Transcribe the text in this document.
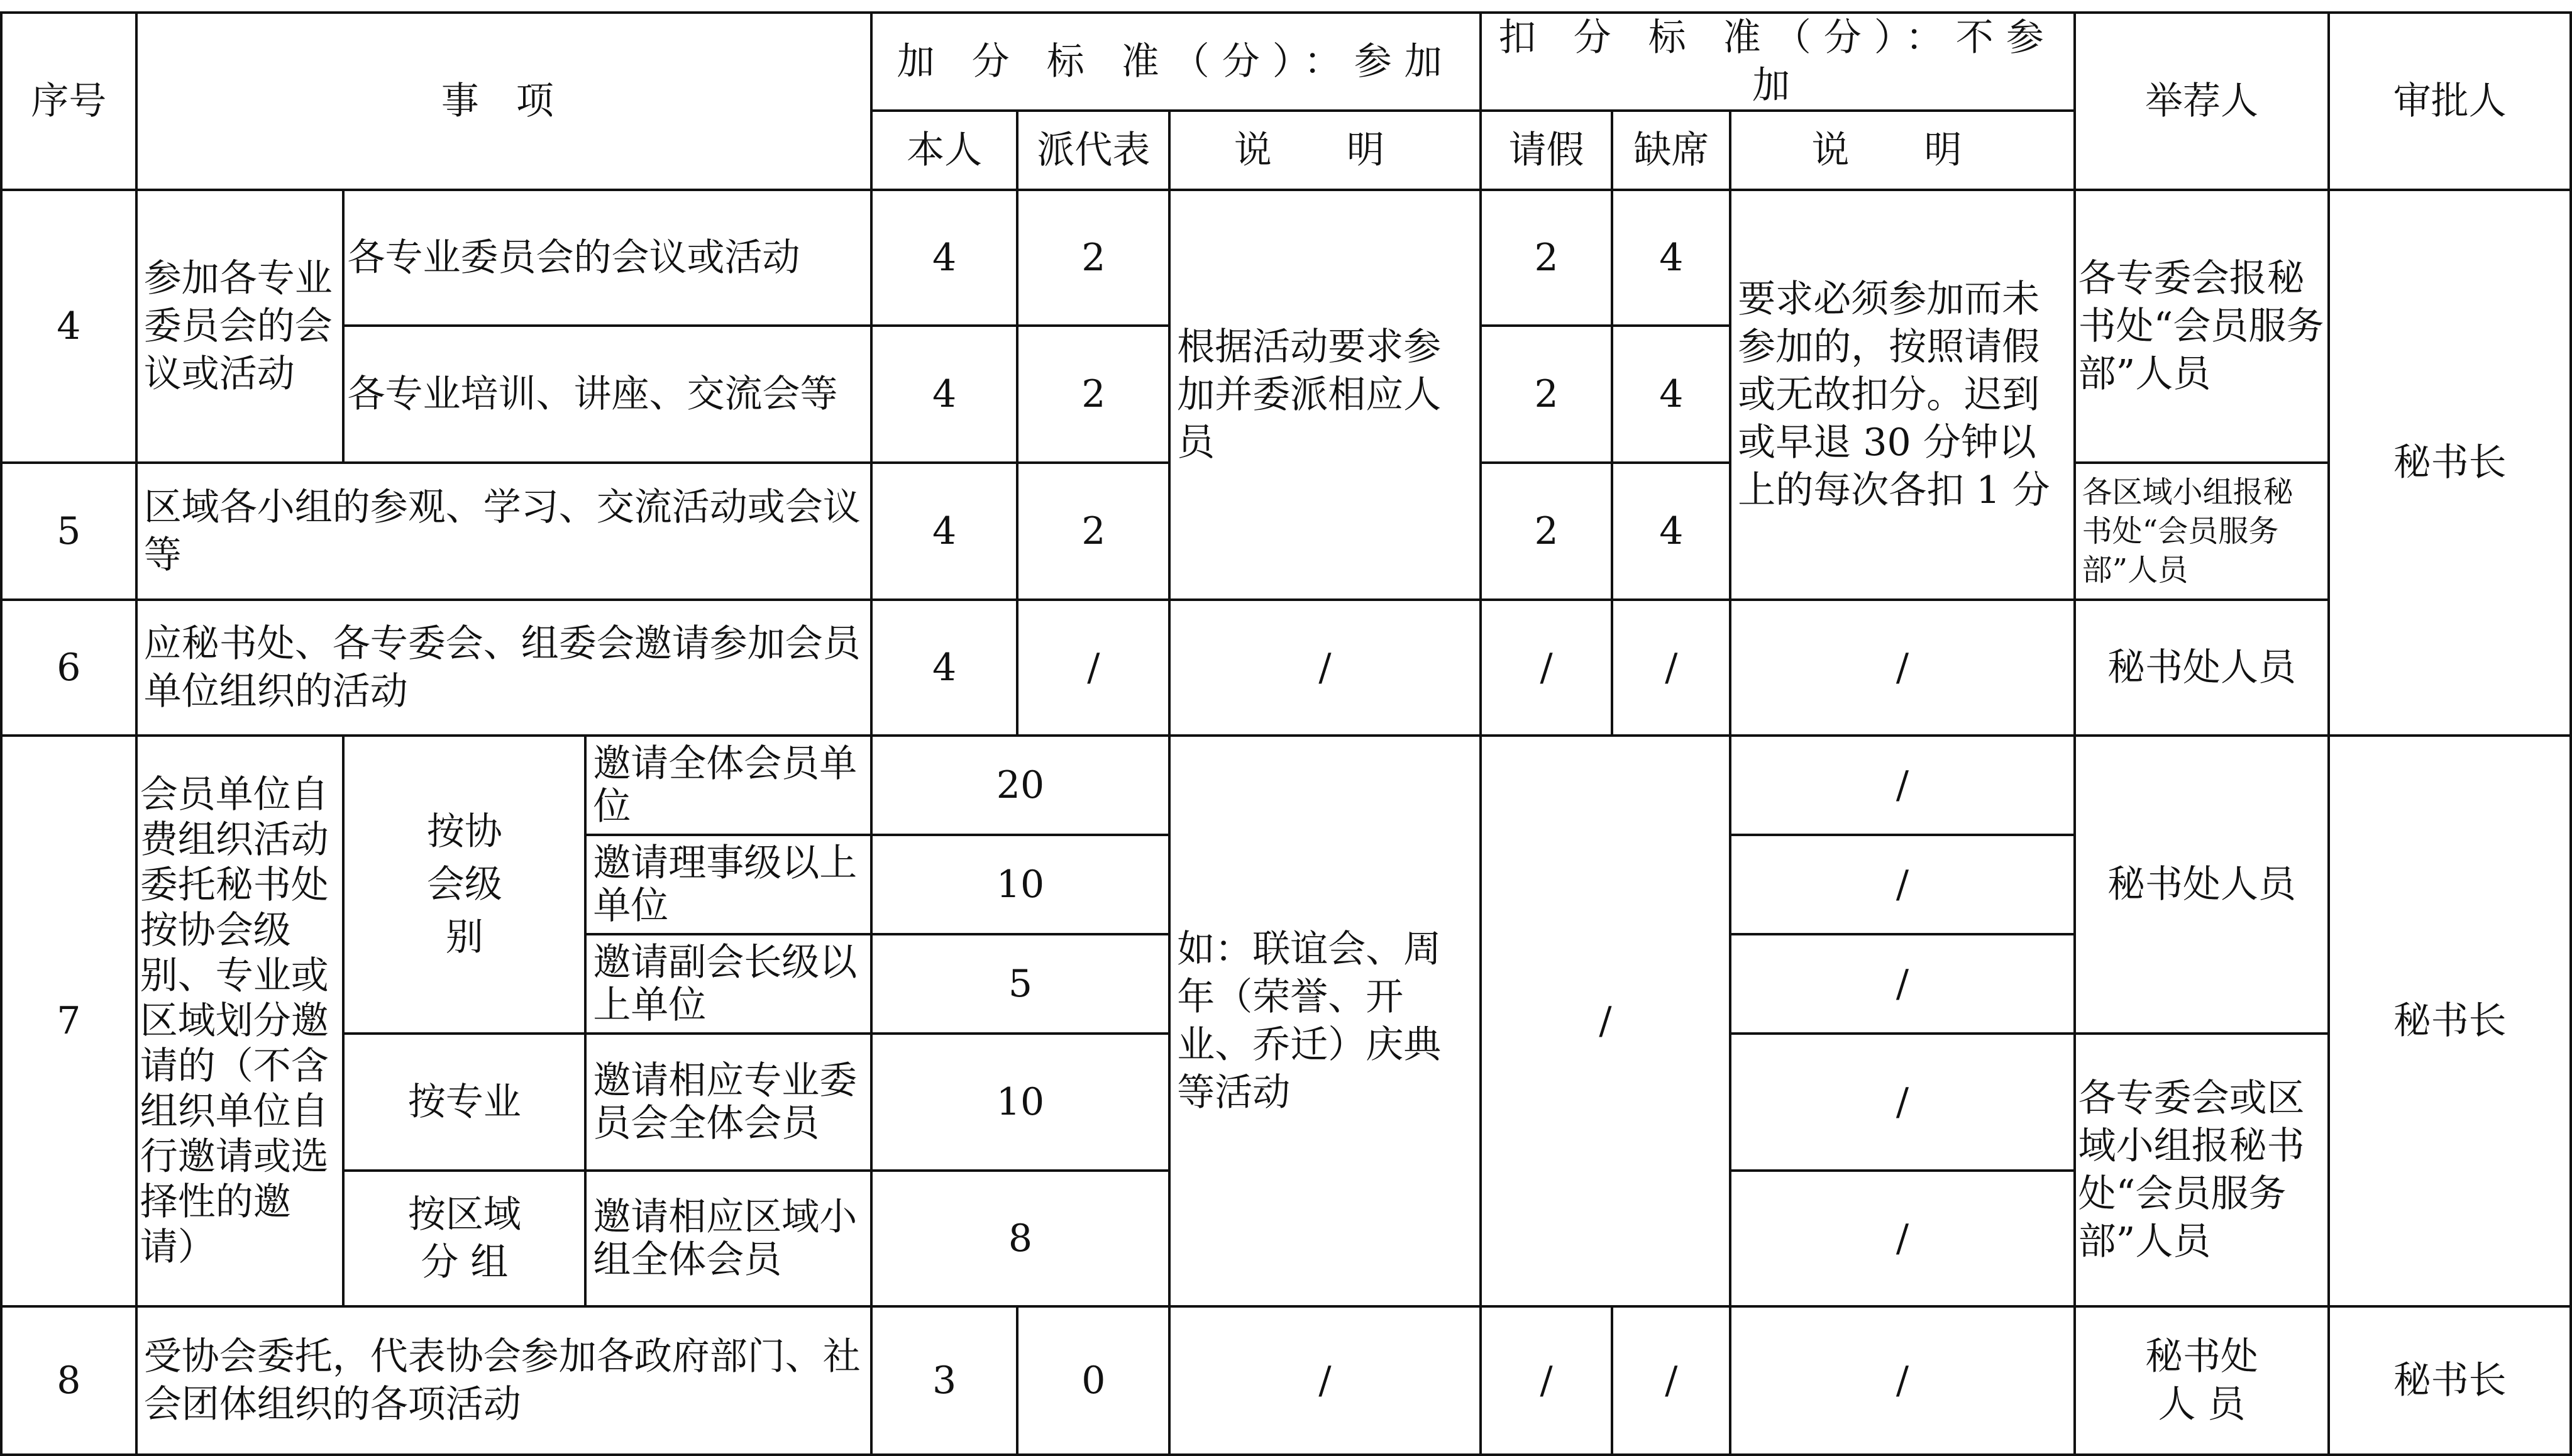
序号	事 项			加 分 标 准（分）：参加			扣 分 标 准（分）：不参加			举荐人	审批人
				本人	派代表	说 明	请假	缺席	说 明		
4	参加各专业委员会的会议或活动	各专业委员会的会议或活动		4	2	根据活动要求参加并委派相应人员	2	4	要求必须参加而未参加的，按照请假或无故扣分。迟到或早退 30 分钟以上的每次各扣 1 分	各专委会报秘书处“会员服务部”人员	秘书长
		各专业培训、讲座、交流会等		4	2		2	4			
5	区域各小组的参观、学习、交流活动或会议等			4	2		2	4		各区域小组报秘书处“会员服务部”人员	
6	应秘书处、各专委会、组委会邀请参加会员单位组织的活动			4	/	/	/	/	/	秘书处人员	
7	会员单位自费组织活动委托秘书处按协会级别、专业或区域划分邀请的（不含组织单位自行邀请或选择性的邀请）	按协会级别	邀请全体会员单位	20		如：联谊会、周年（荣誉、开业、乔迁）庆典等活动	/		/	秘书处人员	秘书长
			邀请理事级以上单位	10					/		
			邀请副会长级以上单位	5					/		
		按专业	邀请相应专业委员会全体会员	10					/	各专委会或区域小组报秘书处“会员服务部”人员	
		按区域 分 组	邀请相应区域小组全体会员	8					/		

8	受协会委托，代表协会参加各政府部门、社会团体组织的各项活动			3	0	/	/	/	/	秘书处 人 员	秘书长
